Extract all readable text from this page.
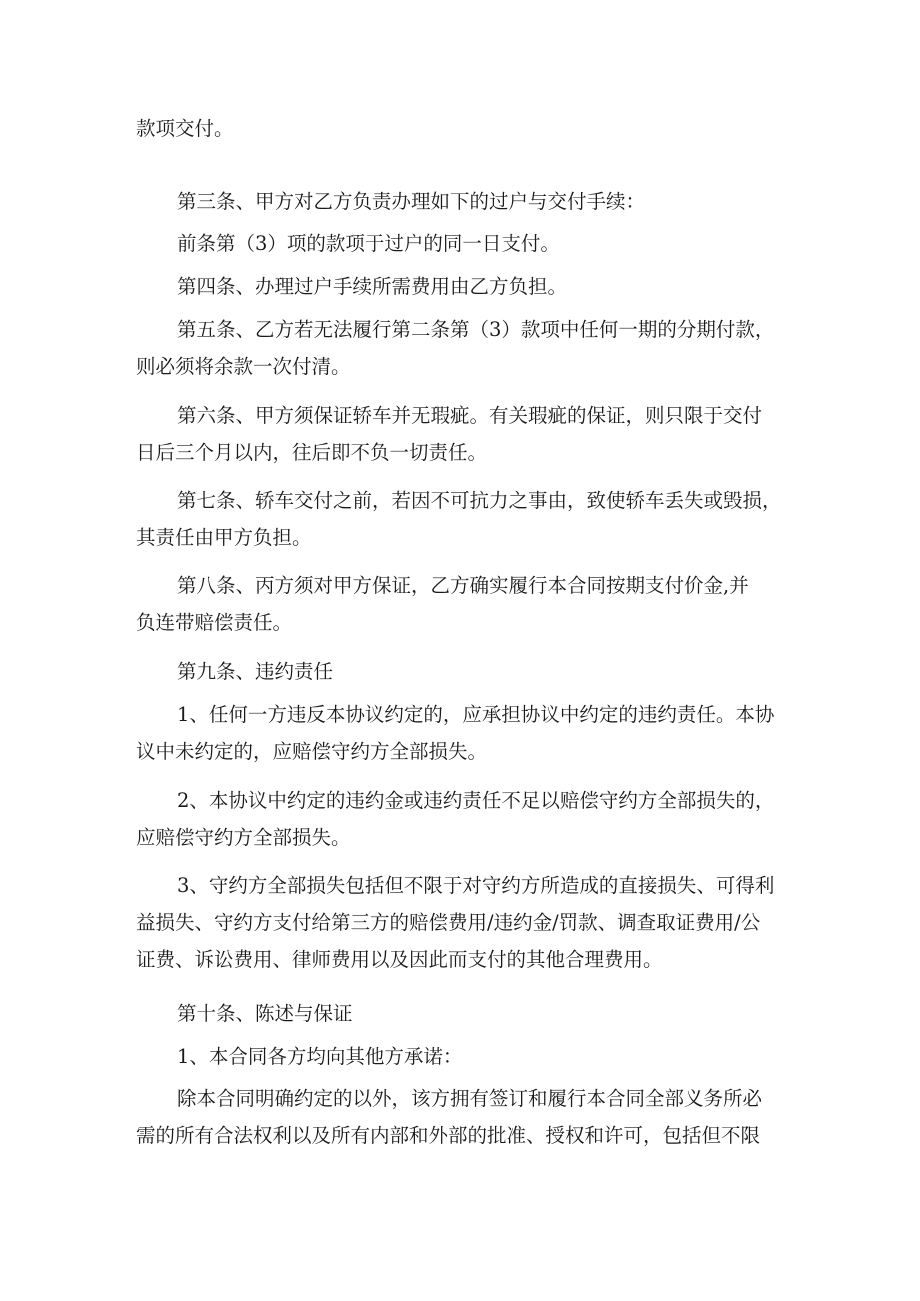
款项交付。
第三条、甲方对乙方负责办理如下的过户与交付手续：
前条第（3）项的款项于过户的同一日支付。
第四条、办理过户手续所需费用由乙方负担。
第五条、乙方若无法履行第二条第（3）款项中任何一期的分期付款，
则必须将余款一次付清。
第六条、甲方须保证轿车并无瑕疵。有关瑕疵的保证，则只限于交付
日后三个月以内，往后即不负一切责任。
第七条、轿车交付之前，若因不可抗力之事由，致使轿车丢失或毁损，
其责任由甲方负担。
第八条、丙方须对甲方保证，乙方确实履行本合同按期支付价金,并
负连带赔偿责任。
第九条、违约责任
1、任何一方违反本协议约定的，应承担协议中约定的违约责任。本协
议中未约定的，应赔偿守约方全部损失。
2、本协议中约定的违约金或违约责任不足以赔偿守约方全部损失的，
应赔偿守约方全部损失。
3、守约方全部损失包括但不限于对守约方所造成的直接损失、可得利
益损失、守约方支付给第三方的赔偿费用/违约金/罚款、调查取证费用/公
证费、诉讼费用、律师费用以及因此而支付的其他合理费用。
第十条、陈述与保证
1、本合同各方均向其他方承诺：
除本合同明确约定的以外，该方拥有签订和履行本合同全部义务所必
需的所有合法权利以及所有内部和外部的批准、授权和许可，包括但不限
